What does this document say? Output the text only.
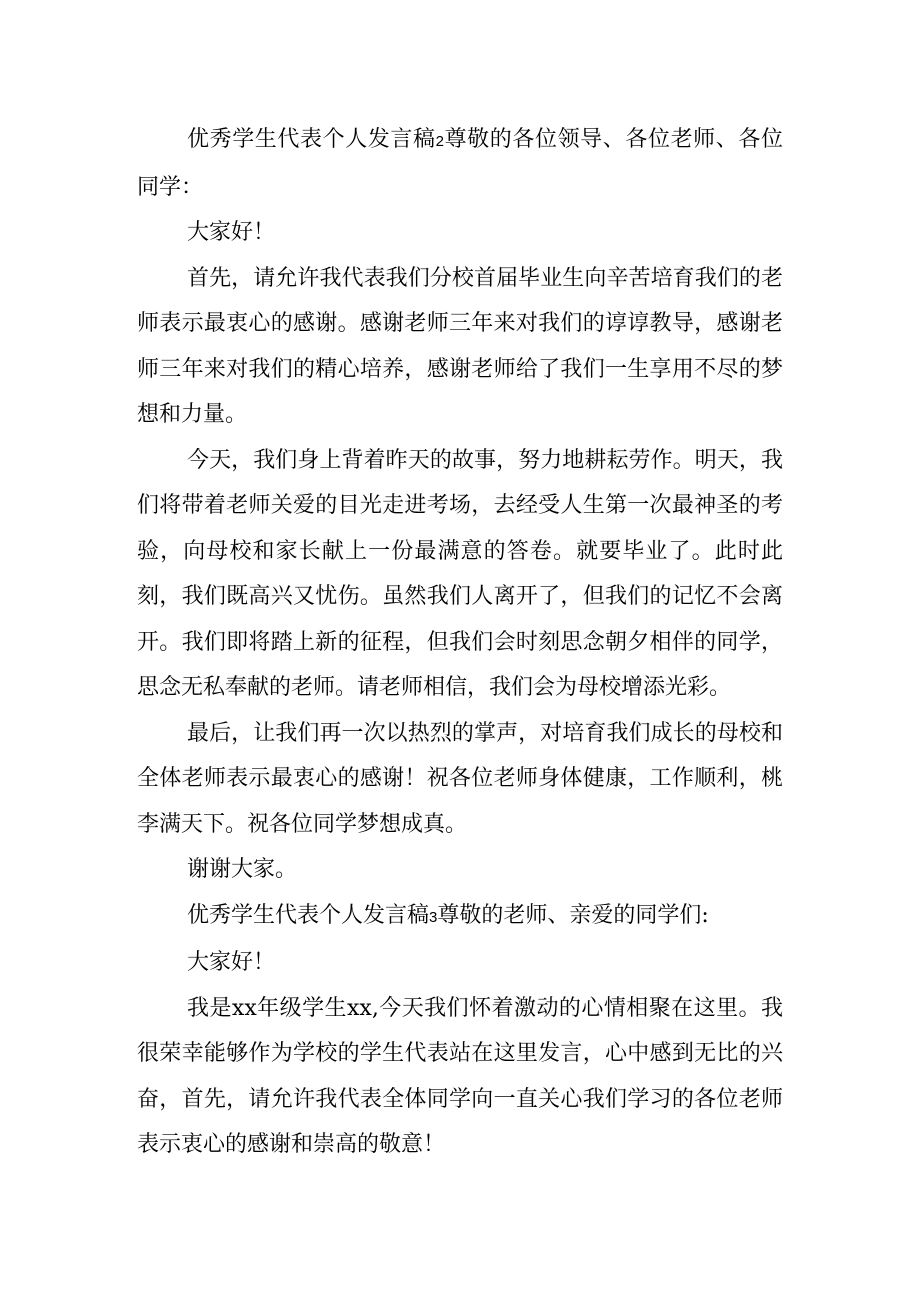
优秀学生代表个人发言稿2尊敬的各位领导、各位老师、各位同学：

大家好！

首先，请允许我代表我们分校首届毕业生向辛苦培育我们的老师表示最衷心的感谢。感谢老师三年来对我们的谆谆教导，感谢老师三年来对我们的精心培养，感谢老师给了我们一生享用不尽的梦想和力量。

今天，我们身上背着昨天的故事，努力地耕耘劳作。明天，我们将带着老师关爱的目光走进考场，去经受人生第一次最神圣的考验，向母校和家长献上一份最满意的答卷。就要毕业了。此时此刻，我们既高兴又忧伤。虽然我们人离开了，但我们的记忆不会离开。我们即将踏上新的征程，但我们会时刻思念朝夕相伴的同学，思念无私奉献的老师。请老师相信，我们会为母校增添光彩。

最后，让我们再一次以热烈的掌声，对培育我们成长的母校和全体老师表示最衷心的感谢！祝各位老师身体健康，工作顺利，桃李满天下。祝各位同学梦想成真。

谢谢大家。

优秀学生代表个人发言稿3尊敬的老师、亲爱的同学们:

大家好！

我是xx年级学生xx,今天我们怀着激动的心情相聚在这里。我很荣幸能够作为学校的学生代表站在这里发言，心中感到无比的兴奋，首先，请允许我代表全体同学向一直关心我们学习的各位老师表示衷心的感谢和崇高的敬意！
